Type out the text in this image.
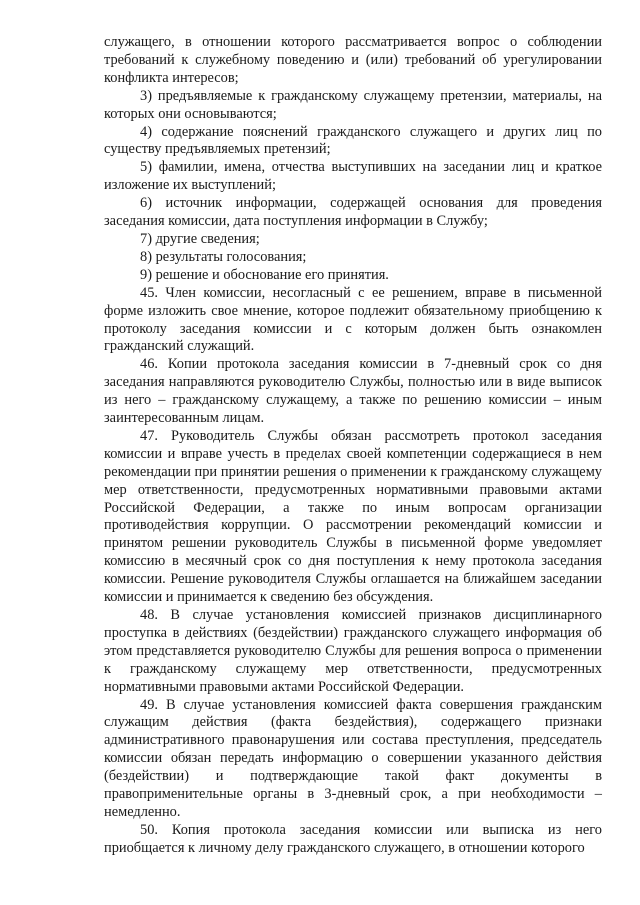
служащего, в отношении которого рассматривается вопрос о соблюдении требований к служебному поведению и (или) требований об урегулировании конфликта интересов;

3) предъявляемые к гражданскому служащему претензии, материалы, на которых они основываются;

4) содержание пояснений гражданского служащего и других лиц по существу предъявляемых претензий;

5) фамилии, имена, отчества выступивших на заседании лиц и краткое изложение их выступлений;

6) источник информации, содержащей основания для проведения заседания комиссии, дата поступления информации в Службу;

7) другие сведения;

8) результаты голосования;

9) решение и обоснование его принятия.

45. Член комиссии, несогласный с ее решением, вправе в письменной форме изложить свое мнение, которое подлежит обязательному приобщению к протоколу заседания комиссии и с которым должен быть ознакомлен гражданский служащий.

46. Копии протокола заседания комиссии в 7-дневный срок со дня заседания направляются руководителю Службы, полностью или в виде выписок из него – гражданскому служащему, а также по решению комиссии – иным заинтересованным лицам.

47. Руководитель Службы обязан рассмотреть протокол заседания комиссии и вправе учесть в пределах своей компетенции содержащиеся в нем рекомендации при принятии решения о применении к гражданскому служащему мер ответственности, предусмотренных нормативными правовыми актами Российской Федерации, а также по иным вопросам организации противодействия коррупции. О рассмотрении рекомендаций комиссии и принятом решении руководитель Службы в письменной форме уведомляет комиссию в месячный срок со дня поступления к нему протокола заседания комиссии. Решение руководителя Службы оглашается на ближайшем заседании комиссии и принимается к сведению без обсуждения.

48. В случае установления комиссией признаков дисциплинарного проступка в действиях (бездействии) гражданского служащего информация об этом представляется руководителю Службы для решения вопроса о применении к гражданскому служащему мер ответственности, предусмотренных нормативными правовыми актами Российской Федерации.

49. В случае установления комиссией факта совершения гражданским служащим действия (факта бездействия), содержащего признаки административного правонарушения или состава преступления, председатель комиссии обязан передать информацию о совершении указанного действия (бездействии) и подтверждающие такой факт документы в правоприменительные органы в 3-дневный срок, а при необходимости – немедленно.

50. Копия протокола заседания комиссии или выписка из него приобщается к личному делу гражданского служащего, в отношении которого
